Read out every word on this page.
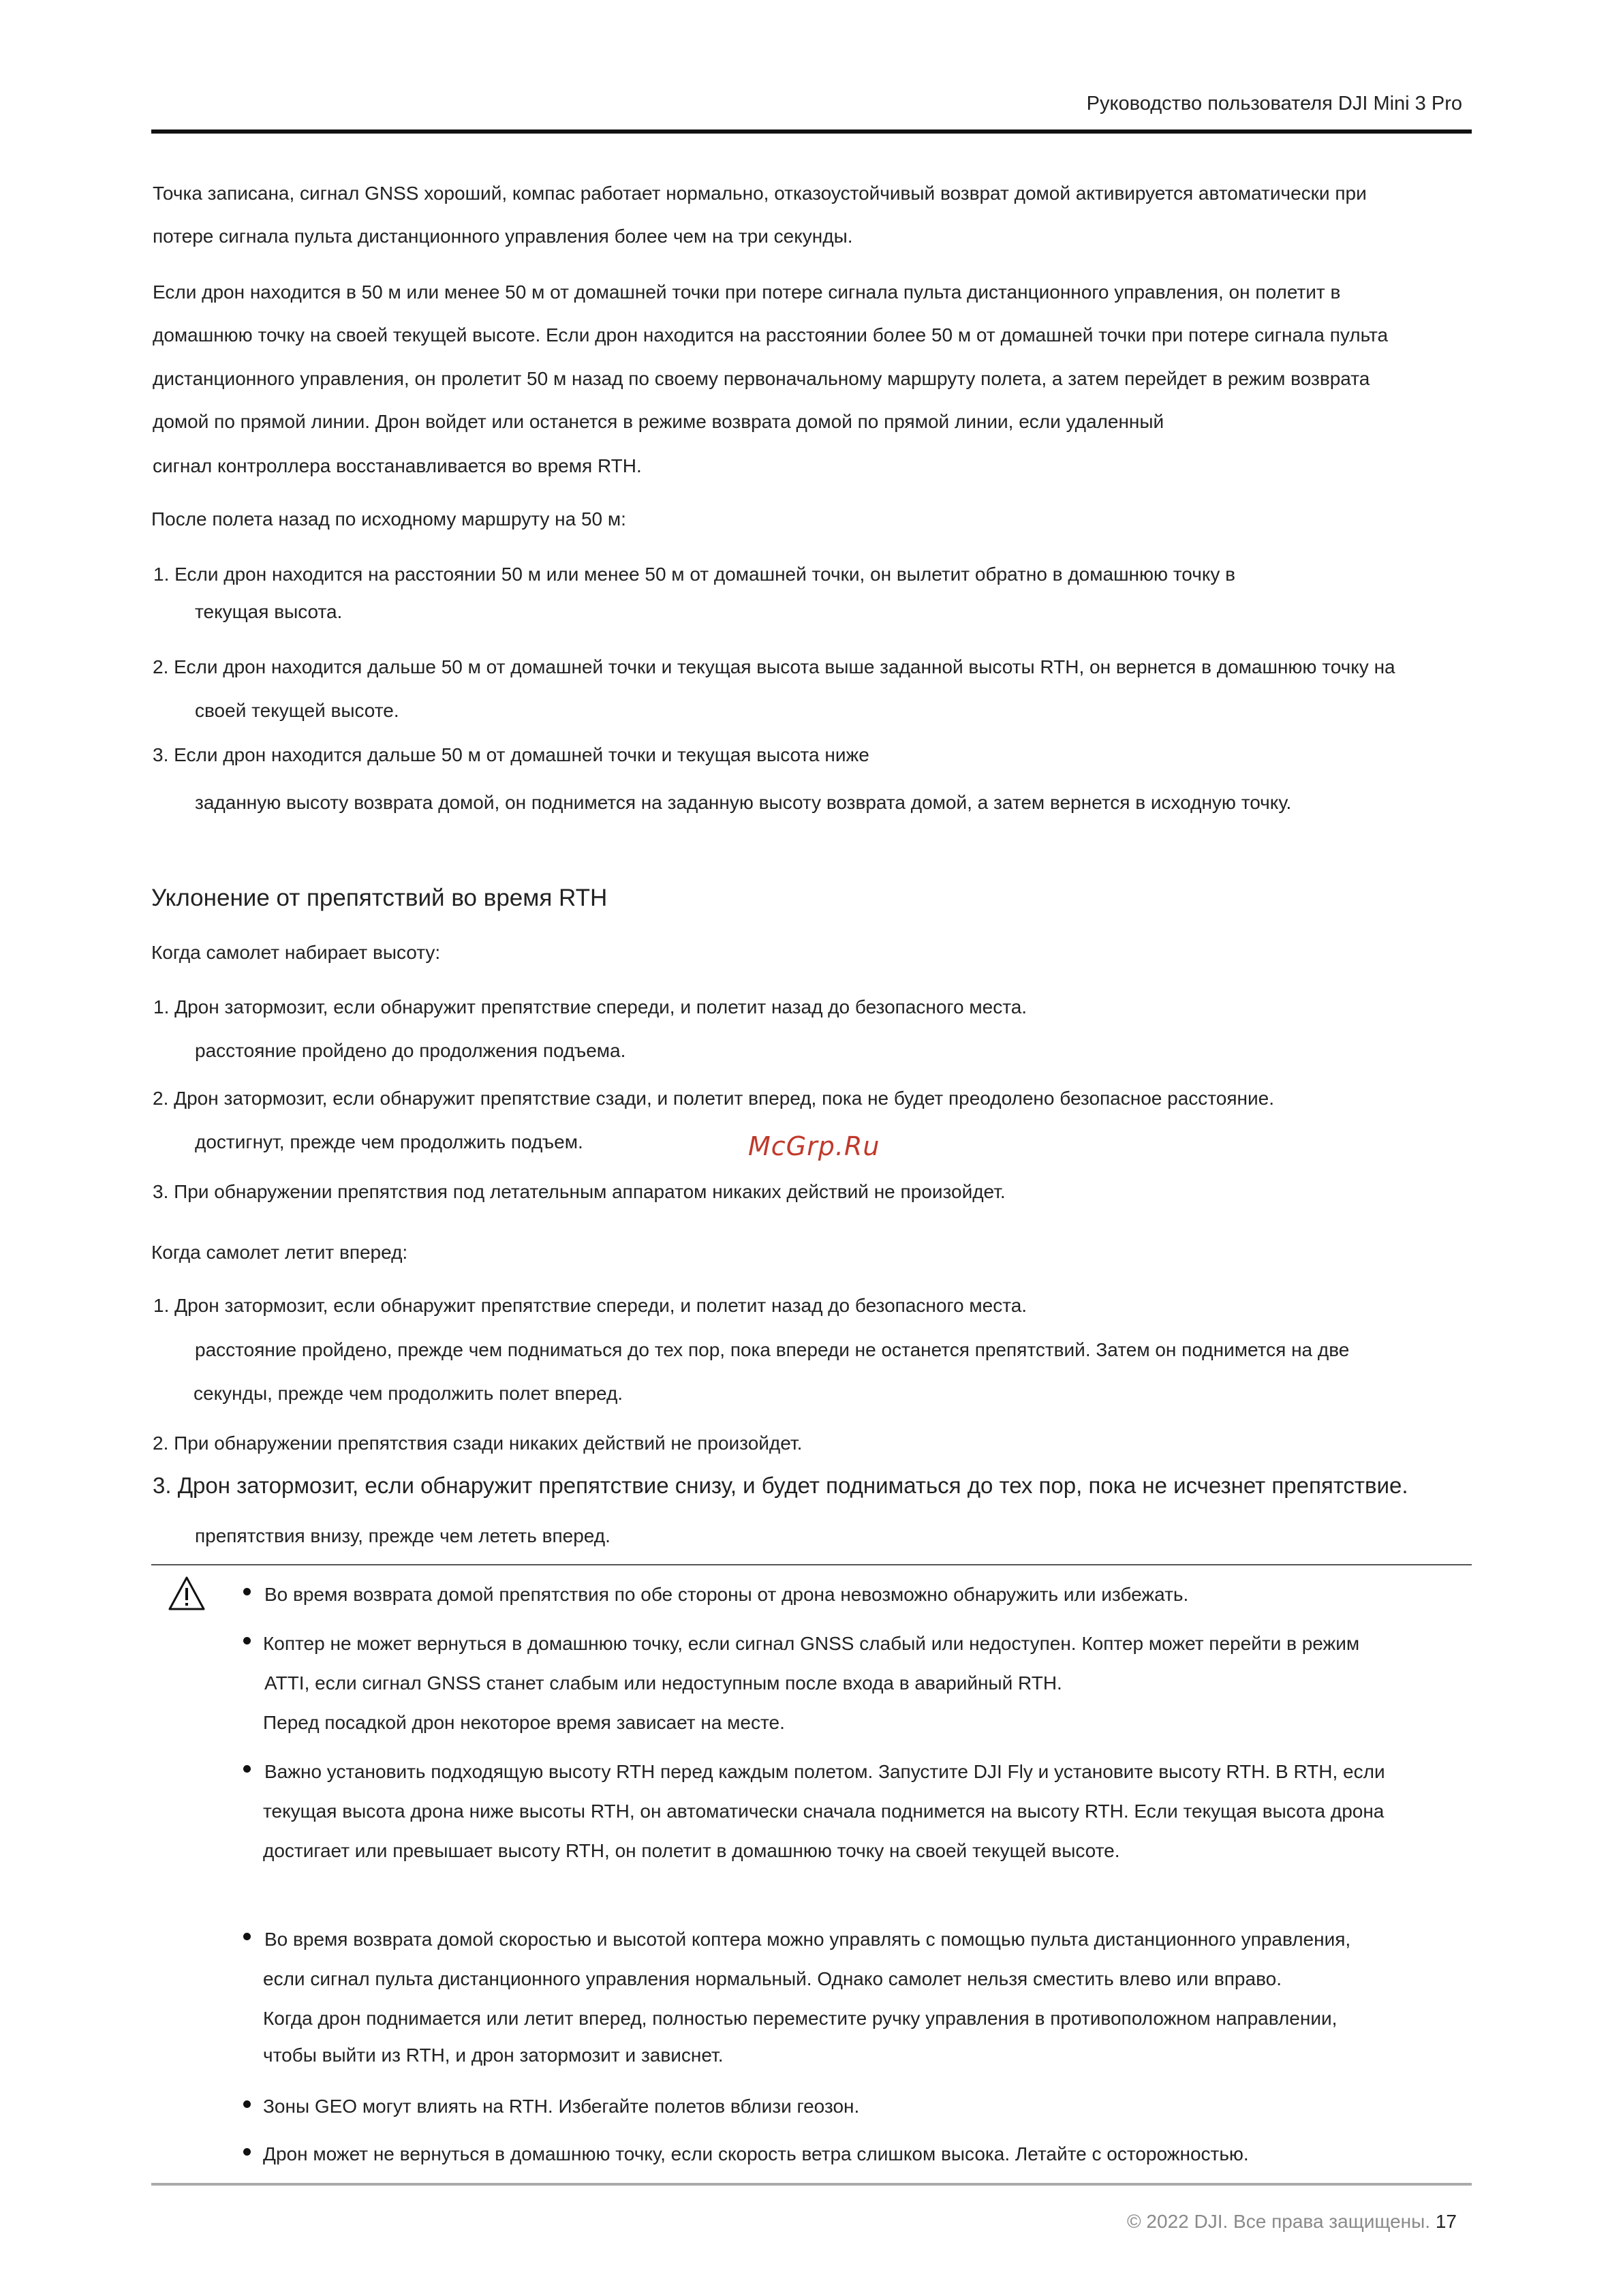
Руководство пользователя DJI Mini 3 Pro
Точка записана, сигнал GNSS хороший, компас работает нормально, отказоустойчивый возврат домой активируется автоматически при
потере сигнала пульта дистанционного управления более чем на три секунды.
Если дрон находится в 50 м или менее 50 м от домашней точки при потере сигнала пульта дистанционного управления, он полетит в
домашнюю точку на своей текущей высоте. Если дрон находится на расстоянии более 50 м от домашней точки при потере сигнала пульта
дистанционного управления, он пролетит 50 м назад по своему первоначальному маршруту полета, а затем перейдет в режим возврата
домой по прямой линии. Дрон войдет или останется в режиме возврата домой по прямой линии, если удаленный
сигнал контроллера восстанавливается во время RTH.
После полета назад по исходному маршруту на 50 м:
1. Если дрон находится на расстоянии 50 м или менее 50 м от домашней точки, он вылетит обратно в домашнюю точку в
текущая высота.
2. Если дрон находится дальше 50 м от домашней точки и текущая высота выше заданной высоты RTH, он вернется в домашнюю точку на
своей текущей высоте.
3. Если дрон находится дальше 50 м от домашней точки и текущая высота ниже
заданную высоту возврата домой, он поднимется на заданную высоту возврата домой, а затем вернется в исходную точку.
Уклонение от препятствий во время RTH
Когда самолет набирает высоту:
1. Дрон затормозит, если обнаружит препятствие спереди, и полетит назад до безопасного места.
расстояние пройдено до продолжения подъема.
2. Дрон затормозит, если обнаружит препятствие сзади, и полетит вперед, пока не будет преодолено безопасное расстояние.
достигнут, прежде чем продолжить подъем.
3. При обнаружении препятствия под летательным аппаратом никаких действий не произойдет.
McGrp.Ru
Когда самолет летит вперед:
1. Дрон затормозит, если обнаружит препятствие спереди, и полетит назад до безопасного места.
расстояние пройдено, прежде чем подниматься до тех пор, пока впереди не останется препятствий. Затем он поднимется на две
секунды, прежде чем продолжить полет вперед.
2. При обнаружении препятствия сзади никаких действий не произойдет.
3. Дрон затормозит, если обнаружит препятствие снизу, и будет подниматься до тех пор, пока не исчезнет препятствие.
препятствия внизу, прежде чем лететь вперед.
Во время возврата домой препятствия по обе стороны от дрона невозможно обнаружить или избежать.
Коптер не может вернуться в домашнюю точку, если сигнал GNSS слабый или недоступен. Коптер может перейти в режим
ATTI, если сигнал GNSS станет слабым или недоступным после входа в аварийный RTH.
Перед посадкой дрон некоторое время зависает на месте.
Важно установить подходящую высоту RTH перед каждым полетом. Запустите DJI Fly и установите высоту RTH. В RTH, если
текущая высота дрона ниже высоты RTH, он автоматически сначала поднимется на высоту RTH. Если текущая высота дрона
достигает или превышает высоту RTH, он полетит в домашнюю точку на своей текущей высоте.
Во время возврата домой скоростью и высотой коптера можно управлять с помощью пульта дистанционного управления,
если сигнал пульта дистанционного управления нормальный. Однако самолет нельзя сместить влево или вправо.
Когда дрон поднимается или летит вперед, полностью переместите ручку управления в противоположном направлении,
чтобы выйти из RTH, и дрон затормозит и зависнет.
Зоны GEO могут влиять на RTH. Избегайте полетов вблизи геозон.
Дрон может не вернуться в домашнюю точку, если скорость ветра слишком высока. Летайте с осторожностью.
© 2022 DJI. Все права защищены. 17
